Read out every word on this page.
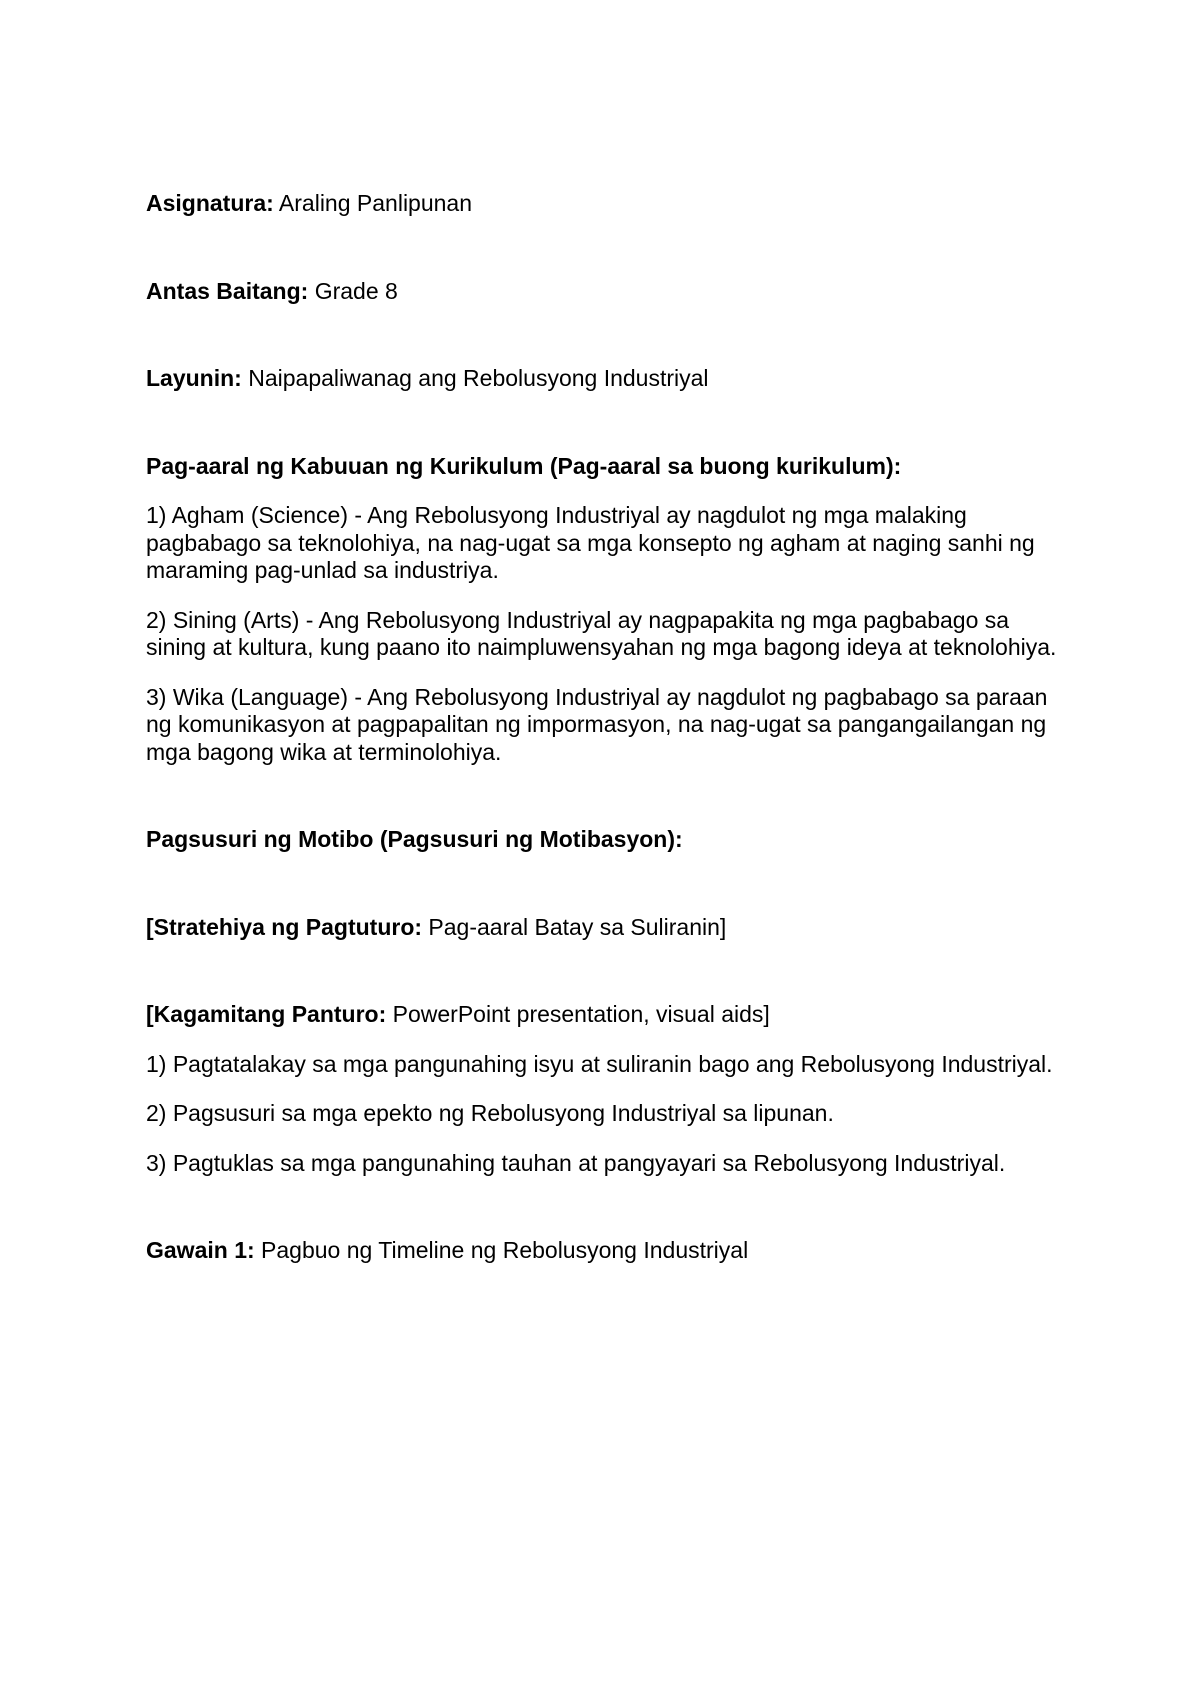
Asignatura: Araling Panlipunan

Antas Baitang: Grade 8

Layunin: Naipapaliwanag ang Rebolusyong Industriyal

Pag-aaral ng Kabuuan ng Kurikulum (Pag-aaral sa buong kurikulum):

1) Agham (Science) - Ang Rebolusyong Industriyal ay nagdulot ng mga malaking pagbabago sa teknolohiya, na nag-ugat sa mga konsepto ng agham at naging sanhi ng maraming pag-unlad sa industriya.

2) Sining (Arts) - Ang Rebolusyong Industriyal ay nagpapakita ng mga pagbabago sa sining at kultura, kung paano ito naimpluwensyahan ng mga bagong ideya at teknolohiya.

3) Wika (Language) - Ang Rebolusyong Industriyal ay nagdulot ng pagbabago sa paraan ng komunikasyon at pagpapalitan ng impormasyon, na nag-ugat sa pangangailangan ng mga bagong wika at terminolohiya.

Pagsusuri ng Motibo (Pagsusuri ng Motibasyon):

[Stratehiya ng Pagtuturo: Pag-aaral Batay sa Suliranin]

[Kagamitang Panturo: PowerPoint presentation, visual aids]

1) Pagtatalakay sa mga pangunahing isyu at suliranin bago ang Rebolusyong Industriyal.

2) Pagsusuri sa mga epekto ng Rebolusyong Industriyal sa lipunan.

3) Pagtuklas sa mga pangunahing tauhan at pangyayari sa Rebolusyong Industriyal.

Gawain 1: Pagbuo ng Timeline ng Rebolusyong Industriyal
